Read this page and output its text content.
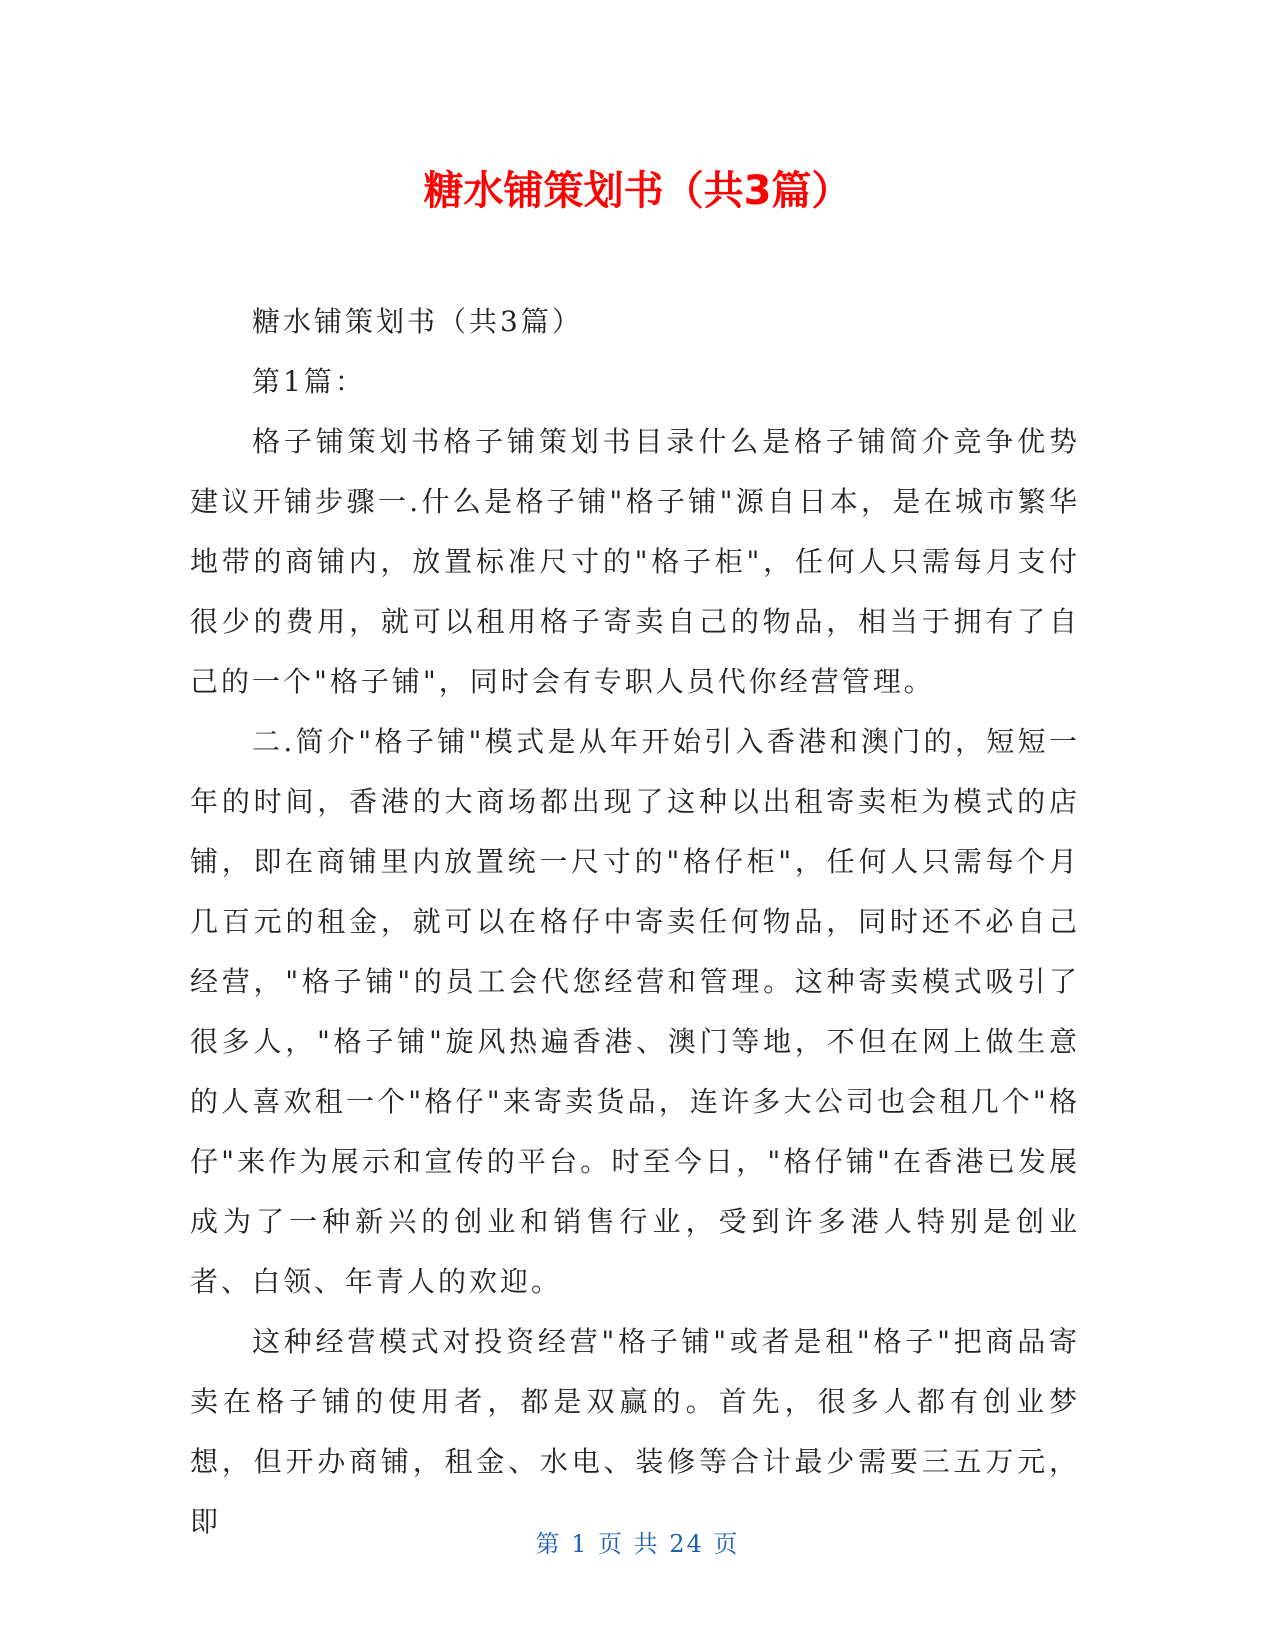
糖水铺策划书（共3篇）

糖水铺策划书（共3篇）

第1篇：

格子铺策划书格子铺策划书目录什么是格子铺简介竞争优势建议开铺步骤一.什么是格子铺"格子铺"源自日本，是在城市繁华地带的商铺内，放置标准尺寸的"格子柜"，任何人只需每月支付很少的费用，就可以租用格子寄卖自己的物品，相当于拥有了自己的一个"格子铺"，同时会有专职人员代你经营管理。

二.简介"格子铺"模式是从年开始引入香港和澳门的，短短一年的时间，香港的大商场都出现了这种以出租寄卖柜为模式的店铺，即在商铺里内放置统一尺寸的"格仔柜"，任何人只需每个月几百元的租金，就可以在格仔中寄卖任何物品，同时还不必自己经营，"格子铺"的员工会代您经营和管理。这种寄卖模式吸引了很多人，"格子铺"旋风热遍香港、澳门等地，不但在网上做生意的人喜欢租一个"格仔"来寄卖货品，连许多大公司也会租几个"格仔"来作为展示和宣传的平台。时至今日，"格仔铺"在香港已发展成为了一种新兴的创业和销售行业，受到许多港人特别是创业者、白领、年青人的欢迎。

这种经营模式对投资经营"格子铺"或者是租"格子"把商品寄卖在格子铺的使用者，都是双赢的。首先，很多人都有创业梦想，但开办商铺，租金、水电、装修等合计最少需要三五万元，即

第 1 页 共 24 页
